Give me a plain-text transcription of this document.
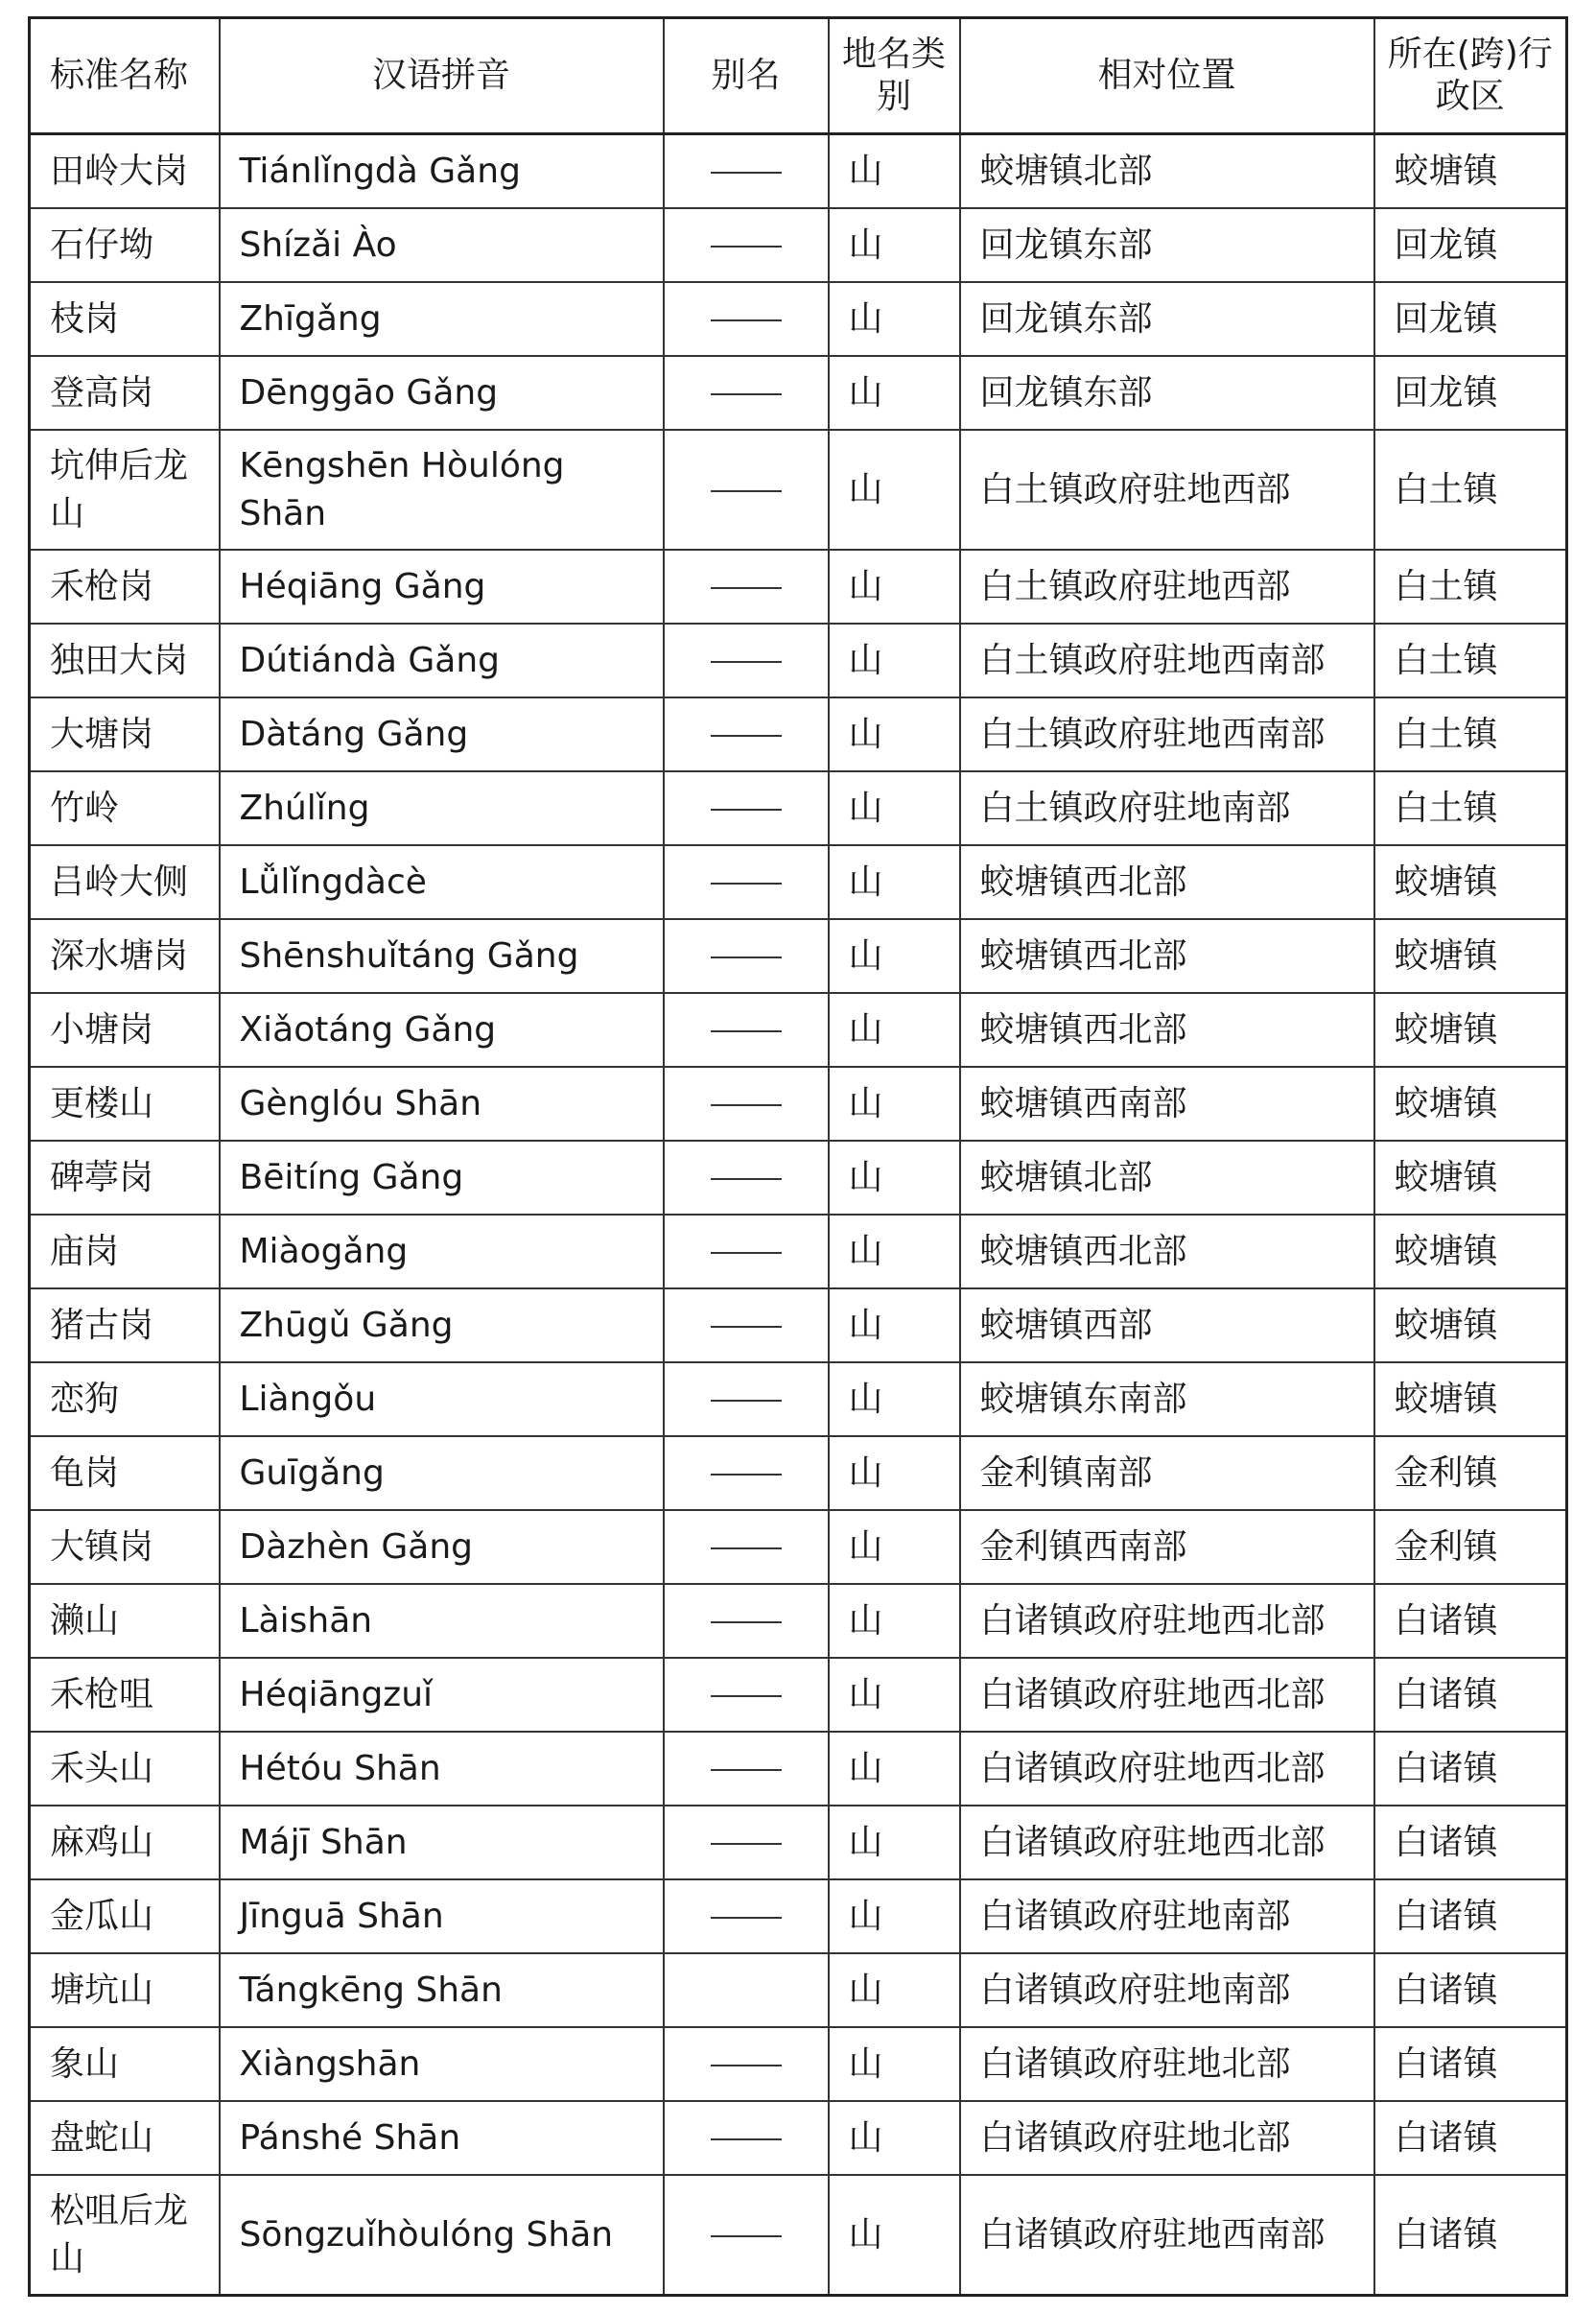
标准名称	汉语拼音	别名	地名类别	相对位置	所在(跨)行政区
田岭大岗	Tiánlǐngdà Gǎng		山	蛟塘镇北部	蛟塘镇
石仔坳	Shízǎi Ào		山	回龙镇东部	回龙镇
枝岗	Zhīgǎng		山	回龙镇东部	回龙镇
登高岗	Dēnggāo Gǎng		山	回龙镇东部	回龙镇
坑伸后龙山	Kēngshēn Hòulóng Shān		山	白土镇政府驻地西部	白土镇
禾枪岗	Héqiāng Gǎng		山	白土镇政府驻地西部	白土镇
独田大岗	Dútiándà Gǎng		山	白土镇政府驻地西南部	白土镇
大塘岗	Dàtáng Gǎng		山	白土镇政府驻地西南部	白土镇
竹岭	Zhúlǐng		山	白土镇政府驻地南部	白土镇
吕岭大侧	Lǚlǐngdàcè		山	蛟塘镇西北部	蛟塘镇
深水塘岗	Shēnshuǐtáng Gǎng		山	蛟塘镇西北部	蛟塘镇
小塘岗	Xiǎotáng Gǎng		山	蛟塘镇西北部	蛟塘镇
更楼山	Gènglóu Shān		山	蛟塘镇西南部	蛟塘镇
碑葶岗	Bēitíng Gǎng		山	蛟塘镇北部	蛟塘镇
庙岗	Miàogǎng		山	蛟塘镇西北部	蛟塘镇
猪古岗	Zhūgǔ Gǎng		山	蛟塘镇西部	蛟塘镇
恋狗	Liàngǒu		山	蛟塘镇东南部	蛟塘镇
龟岗	Guīgǎng		山	金利镇南部	金利镇
大镇岗	Dàzhèn Gǎng		山	金利镇西南部	金利镇
濑山	Làishān		山	白诸镇政府驻地西北部	白诸镇
禾枪咀	Héqiāngzuǐ		山	白诸镇政府驻地西北部	白诸镇
禾头山	Hétóu Shān		山	白诸镇政府驻地西北部	白诸镇
麻鸡山	Májī Shān		山	白诸镇政府驻地西北部	白诸镇
金瓜山	Jīnguā Shān		山	白诸镇政府驻地南部	白诸镇
塘坑山	Tángkēng Shān		山	白诸镇政府驻地南部	白诸镇
象山	Xiàngshān		山	白诸镇政府驻地北部	白诸镇
盘蛇山	Pánshé Shān		山	白诸镇政府驻地北部	白诸镇
松咀后龙山	Sōngzuǐhòulóng Shān		山	白诸镇政府驻地西南部	白诸镇
